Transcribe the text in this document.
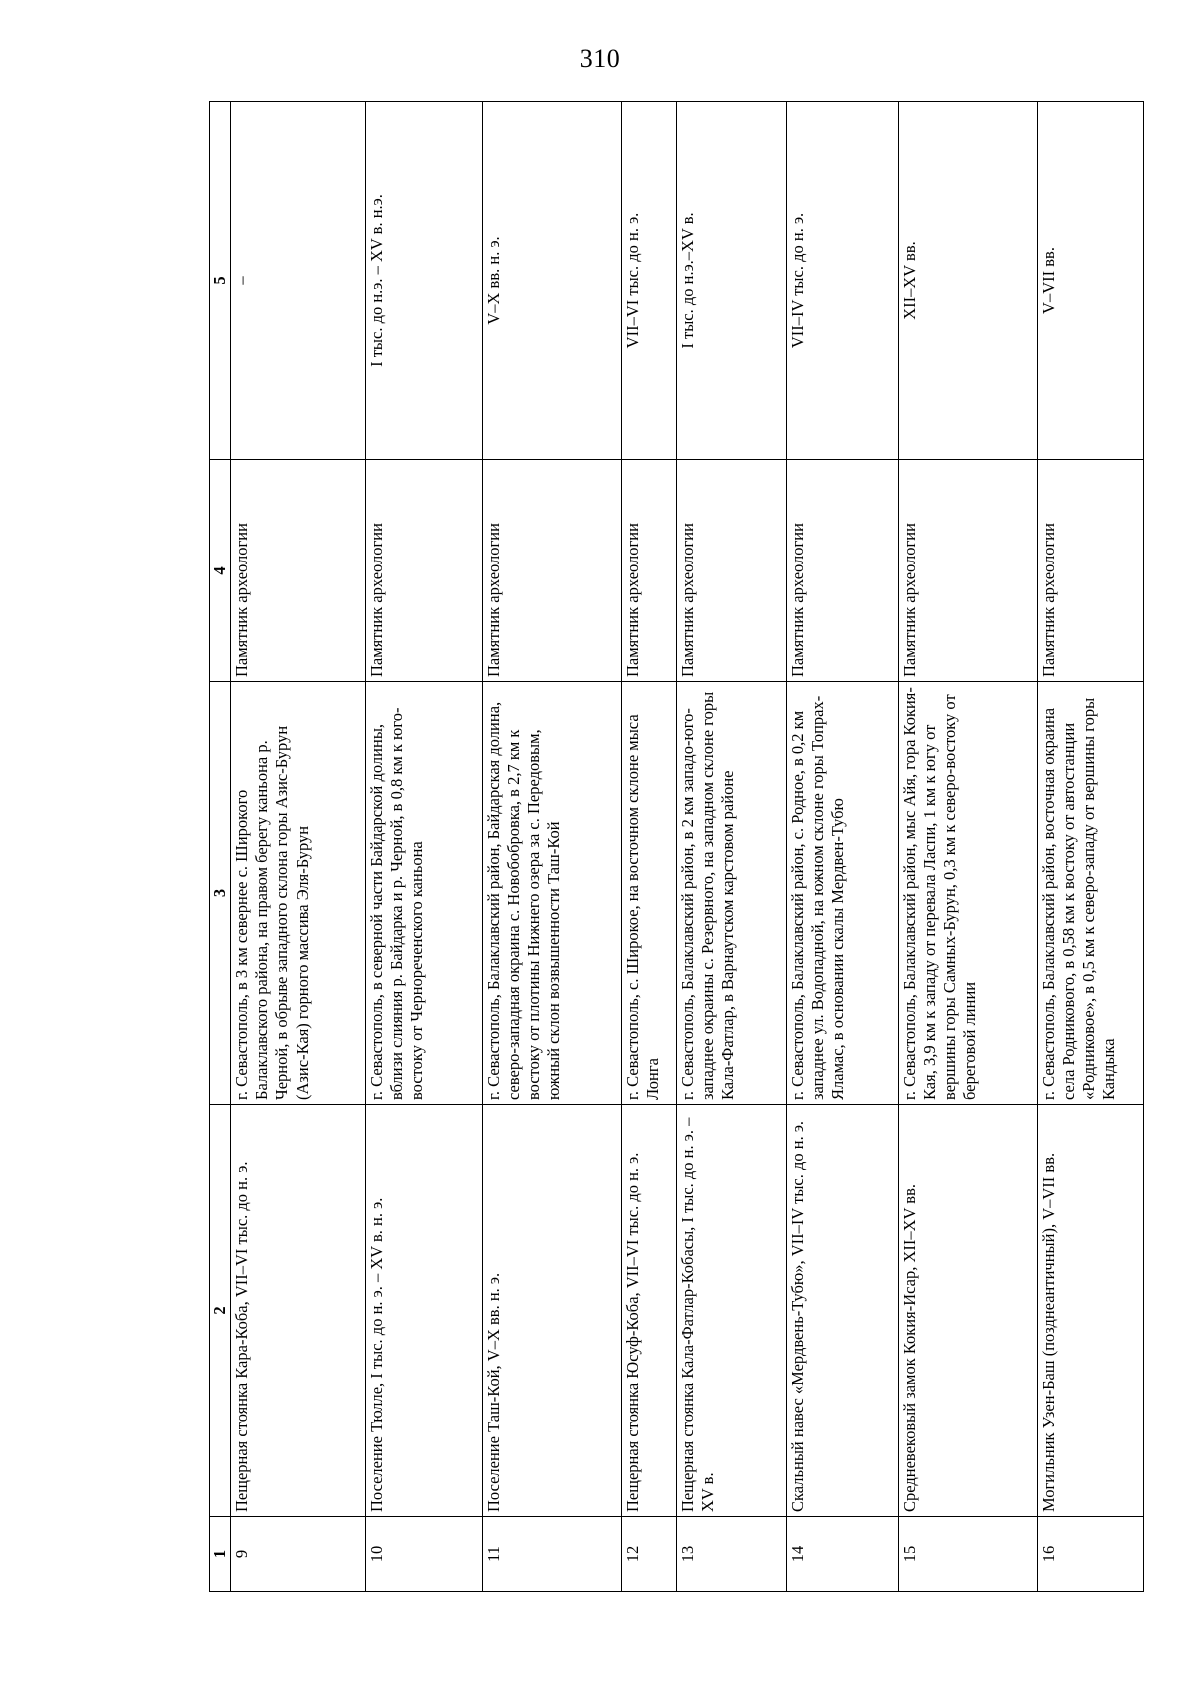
310
1	2	3	4	5
9	Пещерная стоянка Кара-Коба, VII–VI тыс. до н. э.	г. Севастополь, в 3 км севернее с. Широкого Балаклавского района, на правом берегу каньона р. Черной, в обрыве западного склона горы Азис-Бурун (Азис-Кая) горного массива Эля-Бурун	Памятник археологии	–
10	Поселение Тюлле, I тыс. до н. э. – XV в. н. э.	г. Севастополь, в северной части Байдарской долины, вблизи слияния р. Байдарка и р. Черной, в 0,8 км к юго-востоку от Чернореченского каньона	Памятник археологии	I тыс. до н.э. – XV в. н.э.
11	Поселение Таш-Кой, V–X вв. н. э.	г. Севастополь, Балаклавский район, Байдарская долина, северо-западная окраина с. Новобобровка, в 2,7 км к востоку от плотины Нижнего озера за с. Передовым, южный склон возвышенности Таш-Кой	Памятник археологии	V–X вв. н. э.
12	Пещерная стоянка Юсуф-Коба, VII–VI тыс. до н. э.	г. Севастополь, с. Широкое, на восточном склоне мыса Лонга	Памятник археологии	VII–VI тыс. до н. э.
13	Пещерная стоянка Кала-Фатлар-Кобасы, I тыс. до н. э. – XV в.	г. Севастополь, Балаклавский район, в 2 км западо-юго-западнее окраины с. Резервного, на западном склоне горы Кала-Фатлар, в Варнаутском карстовом районе	Памятник археологии	I тыс. до н.э.–XV в.
14	Скальный навес «Мердвень-Тубю», VII–IV тыс. до н. э.	г. Севастополь, Балаклавский район, с. Родное, в 0,2 км западнее ул. Водопадной, на южном склоне горы Топрах-Яламас, в основании скалы Мердвен-Тубю	Памятник археологии	VII–IV тыс. до н. э.
15	Средневековый замок Кокия-Исар, XII–XV вв.	г. Севастополь, Балаклавский район, мыс Айя, гора Кокия-Кая, 3,9 км к западу от перевала Ласпи, 1 км к югу от вершины горы Самных-Бурун, 0,3 км к северо-востоку от береговой линии	Памятник археологии	XII–XV вв.
16	Могильник Узен-Баш (позднеантичный), V–VII вв.	г. Севастополь, Балаклавский район, восточная окраина села Родникового, в 0,58 км к востоку от автостанции «Родниковое», в 0,5 км к северо-западу от вершины горы Кандыка	Памятник археологии	V–VII вв.
